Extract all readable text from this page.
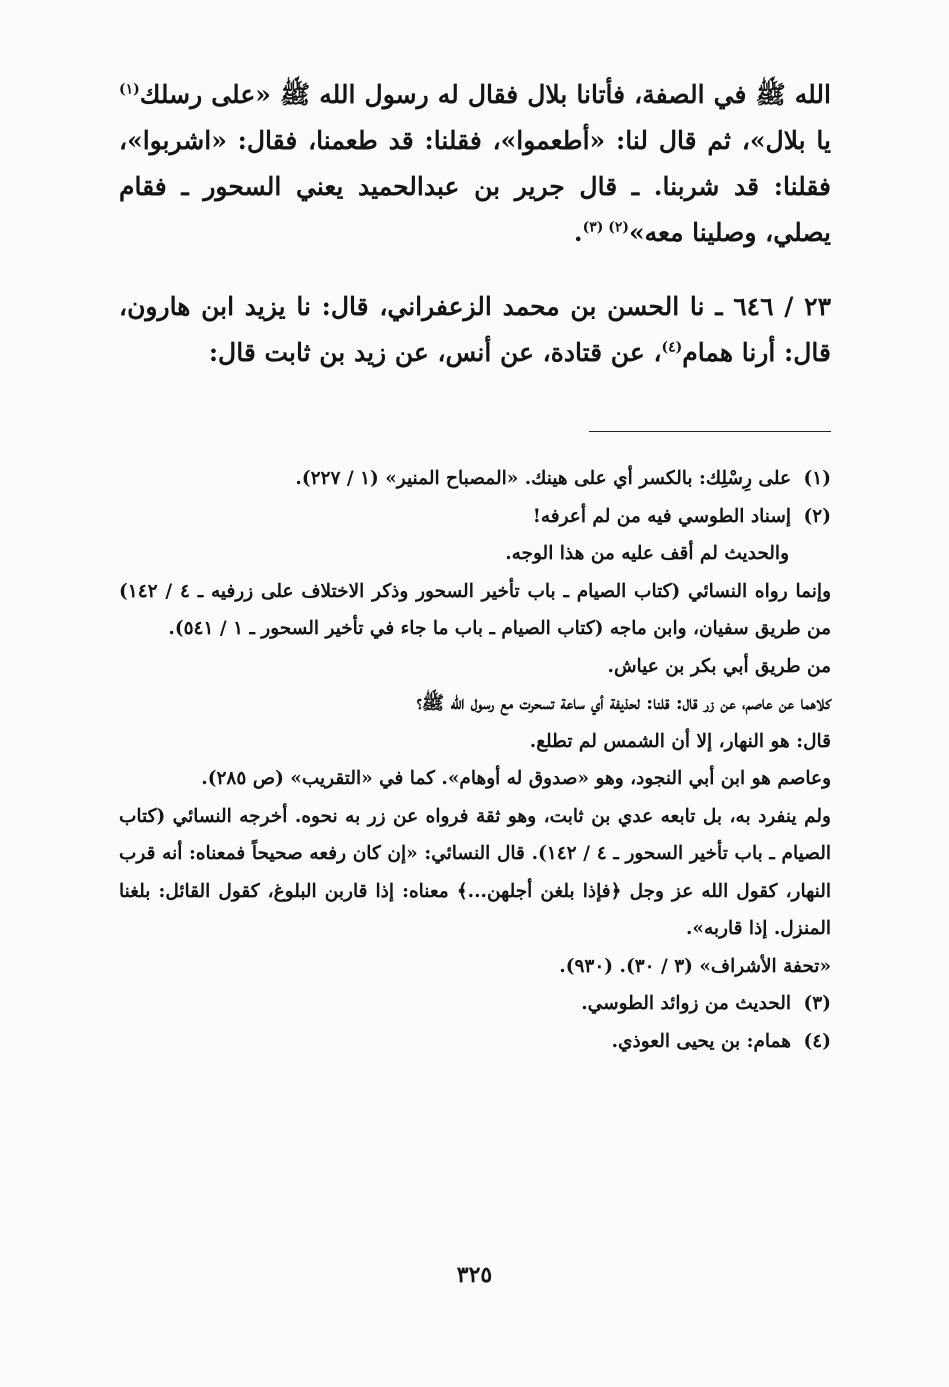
الله ﷺ في الصفة، فأتانا بلال فقال له رسول الله ﷺ «على رسلك$^{(١)}$ يا بلال»، ثم قال لنا: «أطعموا»، فقلنا: قد طعمنا، فقال: «اشربوا»، فقلنا: قد شربنا. ـ قال جرير بن عبدالحميد يعني السحور ـ فقام يصلي، وصلينا معه»$^{(٢) (٣)}$.

٢٣ / ٦٤٦ ـ نا الحسن بن محمد الزعفراني، قال: نا يزيد ابن هارون، قال: أرنا همام$^{(٤)}$، عن قتادة، عن أنس، عن زيد بن ثابت قال:

(١)على رِسْلِك: بالكسر أي على هينك. «المصباح المنير» (١ / ٢٢٧).

(٢)إسناد الطوسي فيه من لم أعرفه!

والحديث لم أقف عليه من هذا الوجه.

وإنما رواه النسائي (كتاب الصيام ـ باب تأخير السحور وذكر الاختلاف على زرفيه ـ ٤ / ١٤٢) من طريق سفيان، وابن ماجه (كتاب الصيام ـ باب ما جاء في تأخير السحور ـ ١ / ٥٤١).

من طريق أبي بكر بن عياش.

كلاهما عن عاصم، عن زر قال: قلنا: لحذيفة أي ساعة تسحرت مع رسول الله ﷺ؟

قال: هو النهار، إلا أن الشمس لم تطلع.

وعاصم هو ابن أبي النجود، وهو «صدوق له أوهام». كما في «التقريب» (ص ٢٨٥).

ولم ينفرد به، بل تابعه عدي بن ثابت، وهو ثقة فرواه عن زر به نحوه. أخرجه النسائي (كتاب الصيام ـ باب تأخير السحور ـ ٤ / ١٤٢). قال النسائي: «إن كان رفعه صحيحاً فمعناه: أنه قرب النهار، كقول الله عز وجل ﴿فإذا بلغن أجلهن...﴾ معناه: إذا قاربن البلوغ، كقول القائل: بلغنا المنزل. إذا قاربه».

«تحفة الأشراف» (٣ / ٣٠). (٩٣٠).

(٣)الحديث من زوائد الطوسي.

(٤)همام: بن يحيى العوذي.

٣٢٥
